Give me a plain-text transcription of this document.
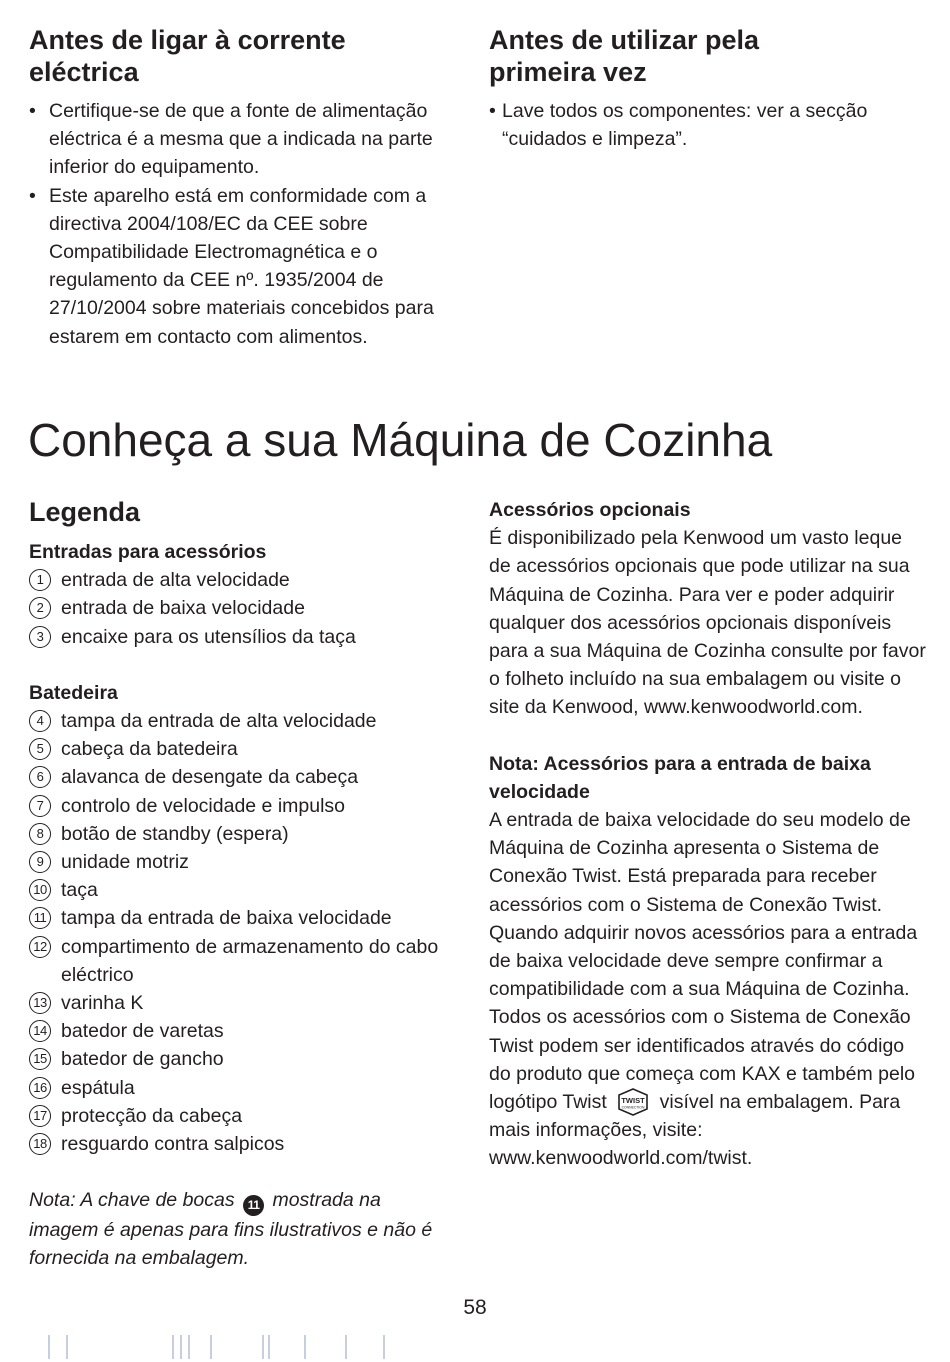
Antes de ligar à corrente
eléctrica
• Certifique-se de que a fonte de alimentação eléctrica é a mesma que a indicada na parte inferior do equipamento.
• Este aparelho está em conformidade com a directiva 2004/108/EC da CEE sobre Compatibilidade Electromagnética e o regulamento da CEE nº. 1935/2004 de 27/10/2004 sobre materiais concebidos para estarem em contacto com alimentos.
Antes de utilizar pela
primeira vez
• Lave todos os componentes: ver a secção “cuidados e limpeza”.
Conheça a sua Máquina de Cozinha
Legenda
Entradas para acessórios
1 entrada de alta velocidade
2 entrada de baixa velocidade
3 encaixe para os utensílios da taça
Batedeira
4 tampa da entrada de alta velocidade
5 cabeça da batedeira
6 alavanca de desengate da cabeça
7 controlo de velocidade e impulso
8 botão de standby (espera)
9 unidade motriz
10 taça
11 tampa da entrada de baixa velocidade
12 compartimento de armazenamento do cabo eléctrico
13 varinha K
14 batedor de varetas
15 batedor de gancho
16 espátula
17 protecção da cabeça
18 resguardo contra salpicos
Nota: A chave de bocas 11 mostrada na imagem é apenas para fins ilustrativos e não é fornecida na embalagem.
Acessórios opcionais

É disponibilizado pela Kenwood um vasto leque de acessórios opcionais que pode utilizar na sua Máquina de Cozinha. Para ver e poder adquirir qualquer dos acessórios opcionais disponíveis para a sua Máquina de Cozinha consulte por favor o folheto incluído na sua embalagem ou visite o site da Kenwood, www.kenwoodworld.com.

Nota: Acessórios para a entrada de baixa velocidade

A entrada de baixa velocidade do seu modelo de Máquina de Cozinha apresenta o Sistema de Conexão Twist. Está preparada para receber acessórios com o Sistema de Conexão Twist.

Quando adquirir novos acessórios para a entrada de baixa velocidade deve sempre confirmar a compatibilidade com a sua Máquina de Cozinha. Todos os acessórios com o Sistema de Conexão Twist podem ser identificados através do código do produto que começa com KAX e também pelo logótipo Twist TWIST
CONNECTION visível na embalagem. Para mais informações, visite: www.kenwoodworld.com/twist.

58
